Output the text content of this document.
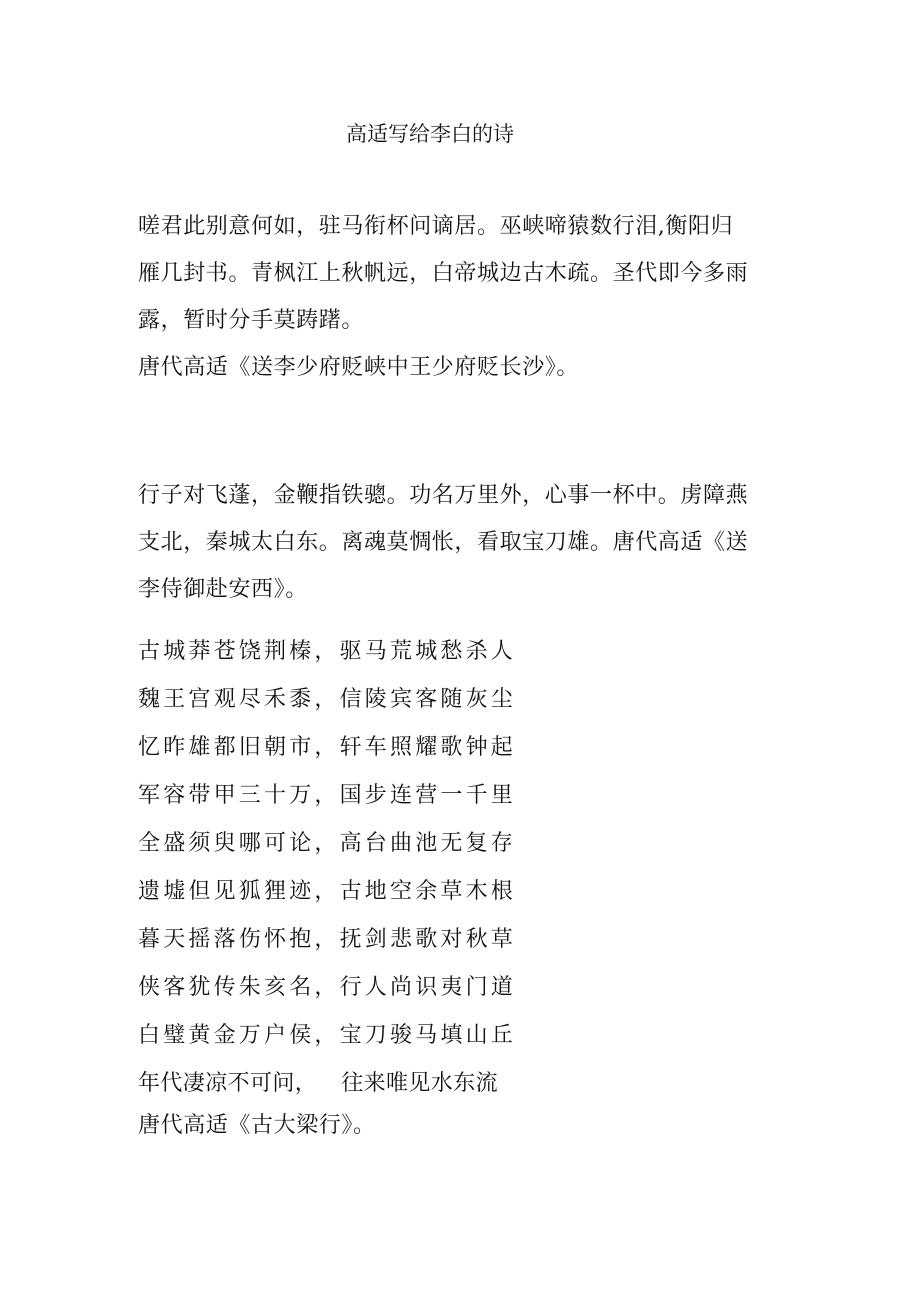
高适写给李白的诗
嗟君此别意何如，驻马衔杯问谪居。巫峡啼猿数行泪,衡阳归
雁几封书。青枫江上秋帆远，白帝城边古木疏。圣代即今多雨
露，暂时分手莫踌躇。
唐代高适《送李少府贬峡中王少府贬长沙》。
行子对飞蓬，金鞭指铁骢。功名万里外，心事一杯中。虏障燕
支北，秦城太白东。离魂莫惆怅，看取宝刀雄。唐代高适《送
李侍御赴安西》。
古城莽苍饶荆榛，驱马荒城愁杀人
魏王宫观尽禾黍，信陵宾客随灰尘
忆昨雄都旧朝市，轩车照耀歌钟起
军容带甲三十万，国步连营一千里
全盛须臾哪可论，高台曲池无复存
遗墟但见狐狸迹，古地空余草木根
暮天摇落伤怀抱，抚剑悲歌对秋草
侠客犹传朱亥名，行人尚识夷门道
白璧黄金万户侯，宝刀骏马填山丘
年代凄凉不可问， 往来唯见水东流
唐代高适《古大梁行》。
